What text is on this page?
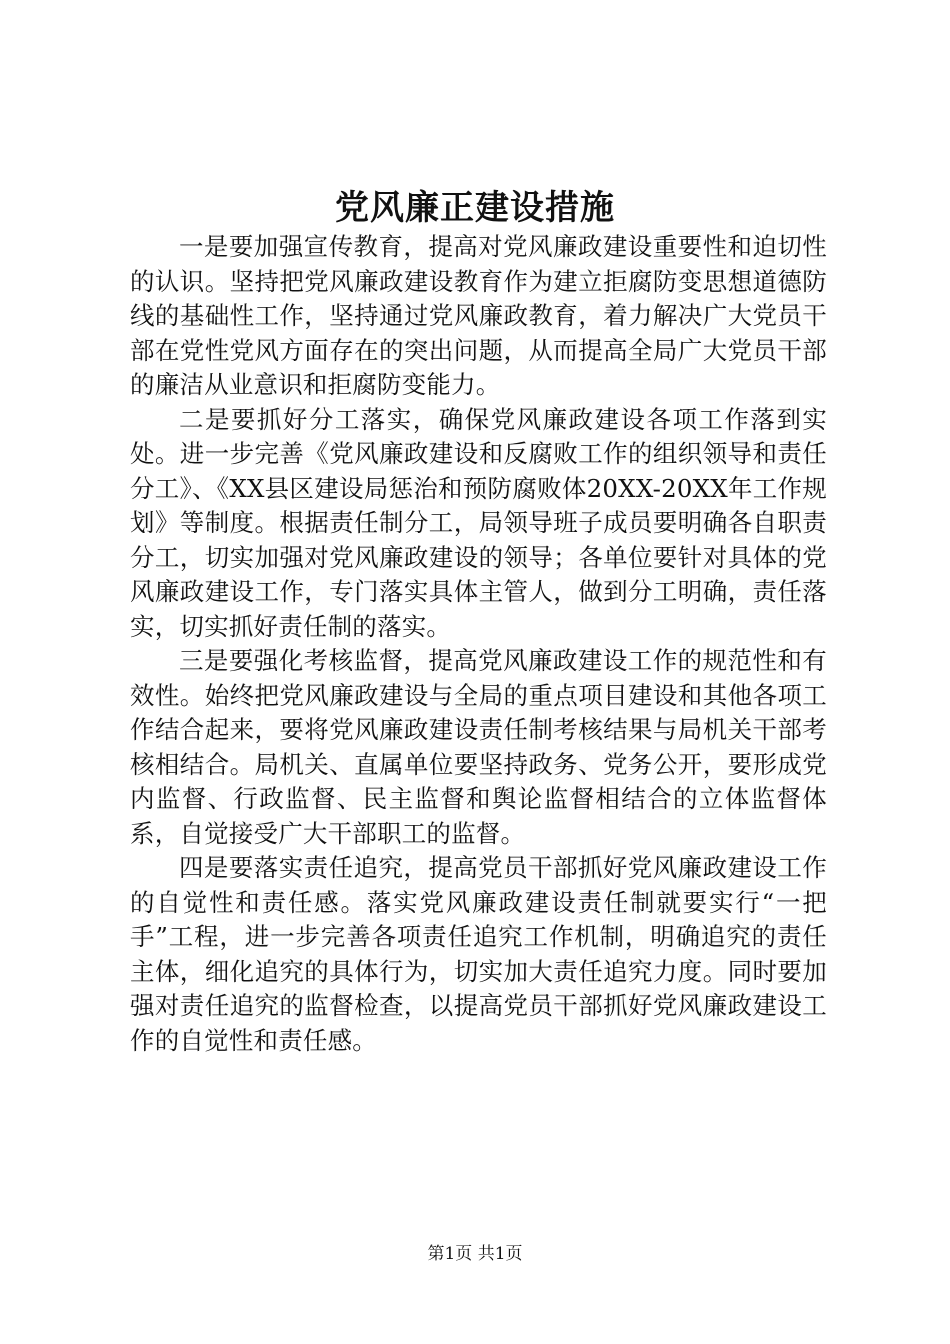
党风廉正建设措施

一是要加强宣传教育，提高对党风廉政建设重要性和迫切性的认识。坚持把党风廉政建设教育作为建立拒腐防变思想道德防线的基础性工作，坚持通过党风廉政教育，着力解决广大党员干部在党性党风方面存在的突出问题，从而提高全局广大党员干部的廉洁从业意识和拒腐防变能力。

二是要抓好分工落实，确保党风廉政建设各项工作落到实处。进一步完善《党风廉政建设和反腐败工作的组织领导和责任分工》、《XX县区建设局惩治和预防腐败体20XX-20XX年工作规划》等制度。根据责任制分工，局领导班子成员要明确各自职责分工，切实加强对党风廉政建设的领导；各单位要针对具体的党风廉政建设工作，专门落实具体主管人，做到分工明确，责任落实，切实抓好责任制的落实。

三是要强化考核监督，提高党风廉政建设工作的规范性和有效性。始终把党风廉政建设与全局的重点项目建设和其他各项工作结合起来，要将党风廉政建设责任制考核结果与局机关干部考核相结合。局机关、直属单位要坚持政务、党务公开，要形成党内监督、行政监督、民主监督和舆论监督相结合的立体监督体系，自觉接受广大干部职工的监督。

四是要落实责任追究，提高党员干部抓好党风廉政建设工作的自觉性和责任感。落实党风廉政建设责任制就要实行“一把手”工程，进一步完善各项责任追究工作机制，明确追究的责任主体，细化追究的具体行为，切实加大责任追究力度。同时要加强对责任追究的监督检查，以提高党员干部抓好党风廉政建设工作的自觉性和责任感。

第1页 共1页
